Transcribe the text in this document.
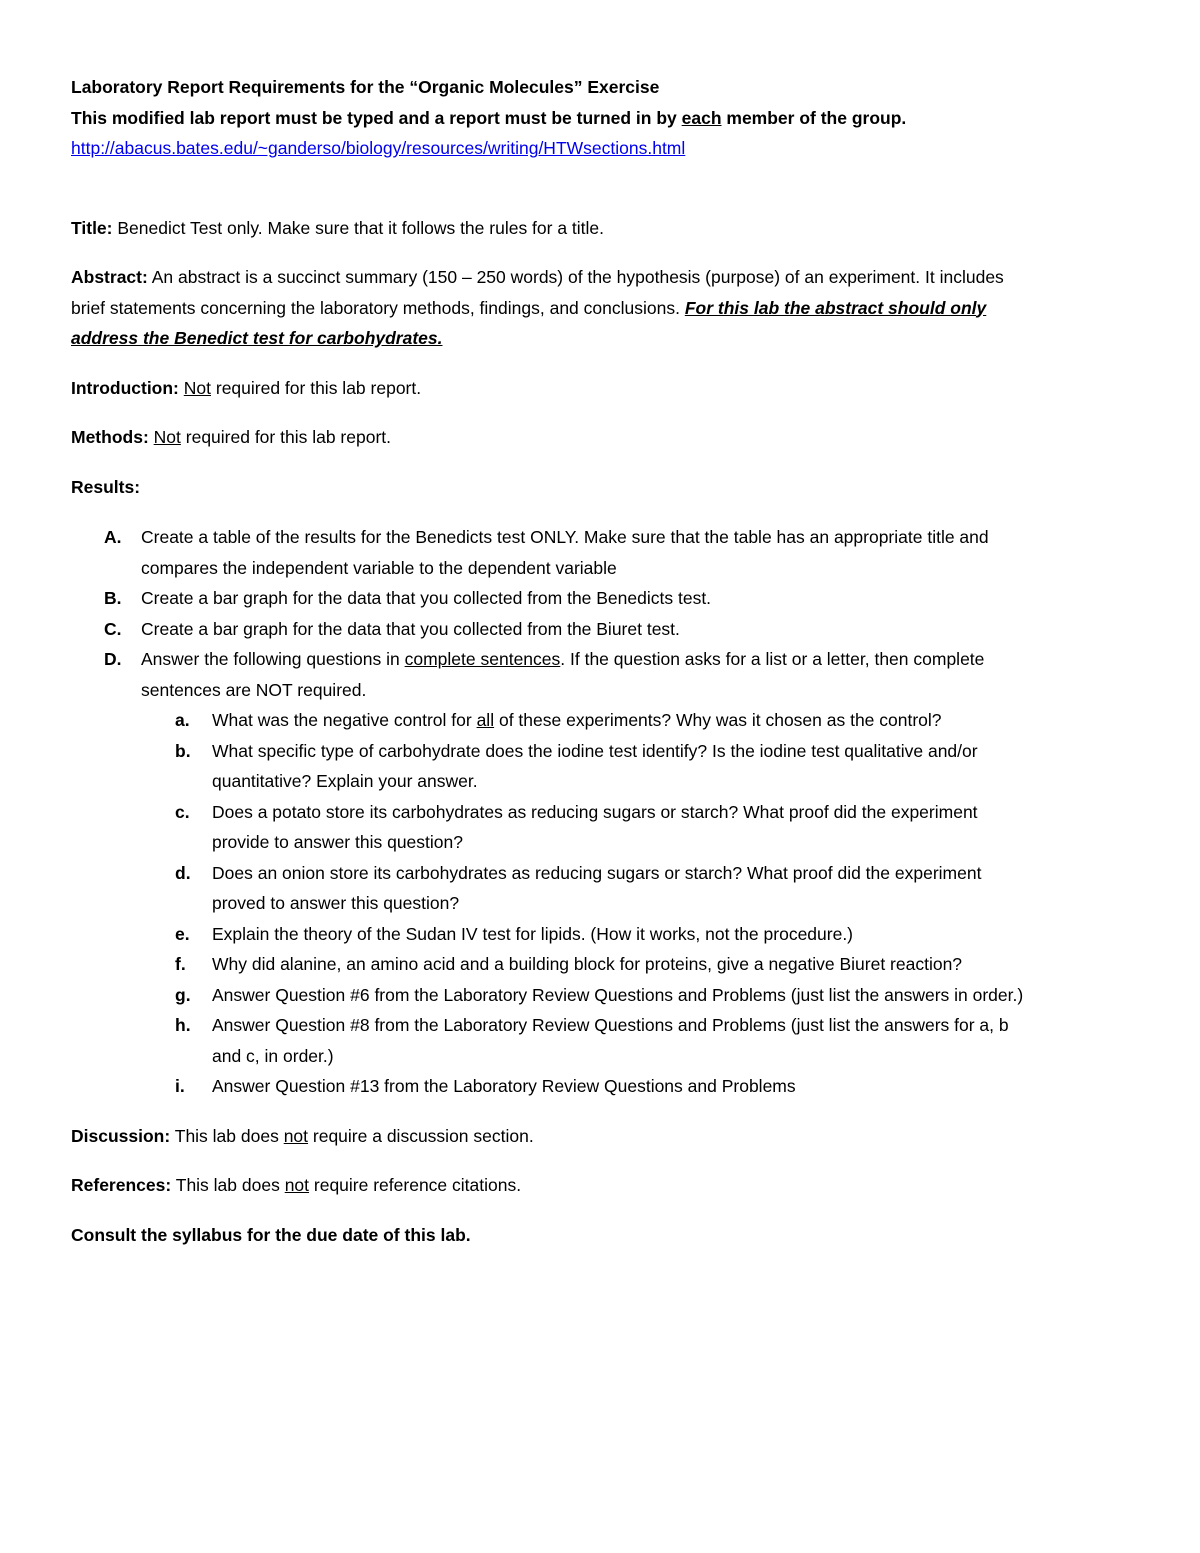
Laboratory Report Requirements for the “Organic Molecules” Exercise
This modified lab report must be typed and a report must be turned in by each member of the group.
http://abacus.bates.edu/~ganderso/biology/resources/writing/HTWsections.html
Title: Benedict Test only. Make sure that it follows the rules for a title.
Abstract: An abstract is a succinct summary (150 – 250 words) of the hypothesis (purpose) of an experiment. It includes
brief statements concerning the laboratory methods, findings, and conclusions. For this lab the abstract should only
address the Benedict test for carbohydrates.
Introduction: Not required for this lab report.
Methods: Not required for this lab report.
Results:
A. Create a table of the results for the Benedicts test ONLY. Make sure that the table has an appropriate title and
compares the independent variable to the dependent variable
B. Create a bar graph for the data that you collected from the Benedicts test.
C. Create a bar graph for the data that you collected from the Biuret test.
D. Answer the following questions in complete sentences. If the question asks for a list or a letter, then complete
sentences are NOT required.
a. What was the negative control for all of these experiments? Why was it chosen as the control?
b. What specific type of carbohydrate does the iodine test identify? Is the iodine test qualitative and/or
quantitative? Explain your answer.
c. Does a potato store its carbohydrates as reducing sugars or starch? What proof did the experiment
provide to answer this question?
d. Does an onion store its carbohydrates as reducing sugars or starch? What proof did the experiment
proved to answer this question?
e. Explain the theory of the Sudan IV test for lipids. (How it works, not the procedure.)
f. Why did alanine, an amino acid and a building block for proteins, give a negative Biuret reaction?
g. Answer Question #6 from the Laboratory Review Questions and Problems (just list the answers in order.)
h. Answer Question #8 from the Laboratory Review Questions and Problems (just list the answers for a, b
and c, in order.)
i. Answer Question #13 from the Laboratory Review Questions and Problems
Discussion: This lab does not require a discussion section.
References: This lab does not require reference citations.
Consult the syllabus for the due date of this lab.
